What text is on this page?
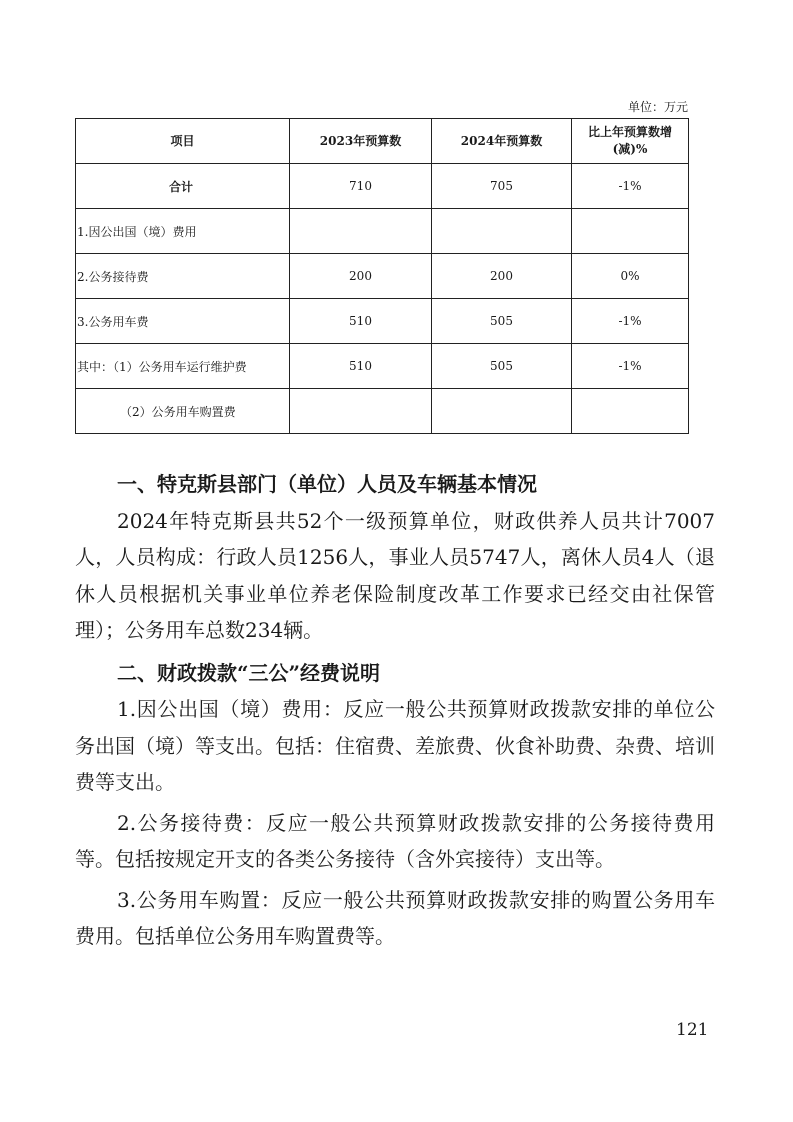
单位：万元
项目	2023年预算数	2024年预算数	比上年预算数增(减)%
合计	710	705	-1%
1.因公出国（境）费用			
2.公务接待费	200	200	0%
3.公务用车费	510	505	-1%
其中：（1）公务用车运行维护费	510	505	-1%
（2）公务用车购置费			
一、特克斯县部门（单位）人员及车辆基本情况

2024年特克斯县共52个一级预算单位，财政供养人员共计7007人，人员构成：行政人员1256人，事业人员5747人，离休人员4人（退休人员根据机关事业单位养老保险制度改革工作要求已经交由社保管理）；公务用车总数234辆。

二、财政拨款“三公”经费说明

1.因公出国（境）费用：反应一般公共预算财政拨款安排的单位公务出国（境）等支出。包括：住宿费、差旅费、伙食补助费、杂费、培训费等支出。

2.公务接待费：反应一般公共预算财政拨款安排的公务接待费用等。包括按规定开支的各类公务接待（含外宾接待）支出等。

3.公务用车购置：反应一般公共预算财政拨款安排的购置公务用车费用。包括单位公务用车购置费等。

121
